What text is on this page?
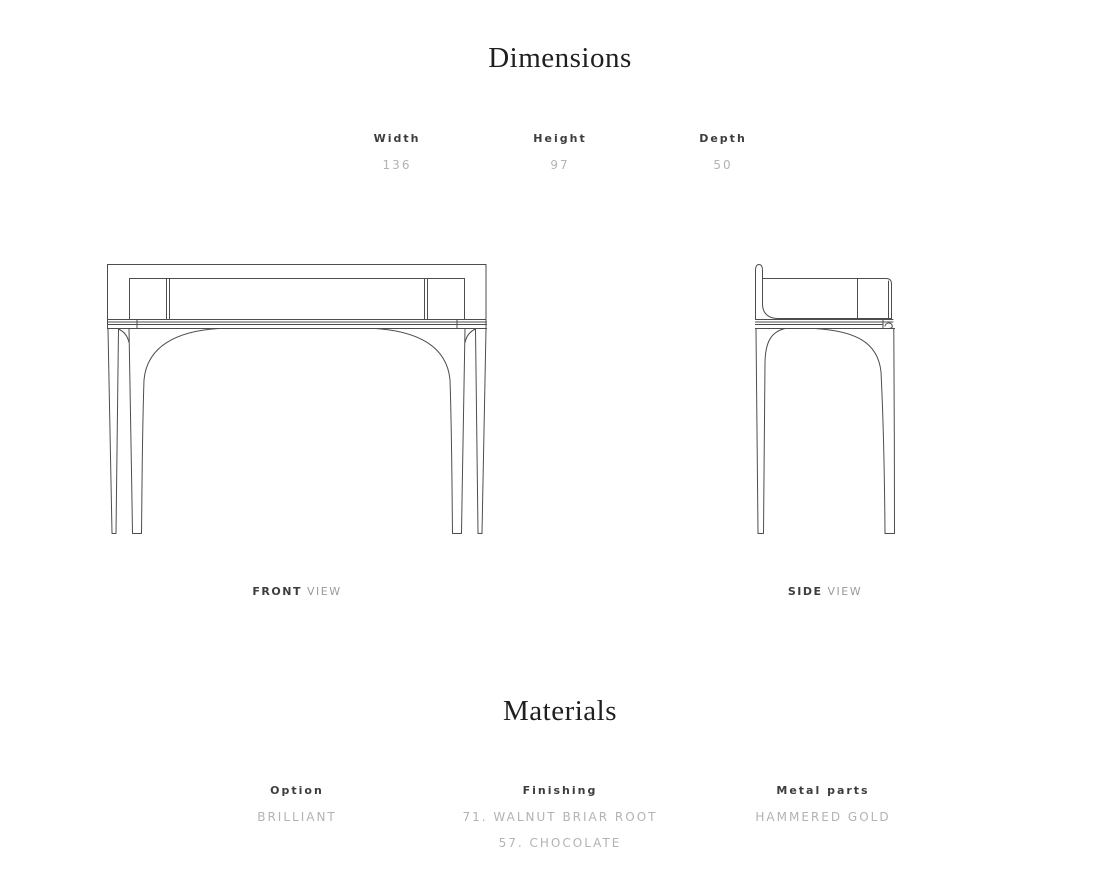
Dimensions
Width
136
Height
97
Depth
50
FRONT VIEW	SIDE VIEW
Materials
Option
BRILLIANT
Finishing
71. WALNUT BRIAR ROOT
57. CHOCOLATE
Metal parts
HAMMERED GOLD
